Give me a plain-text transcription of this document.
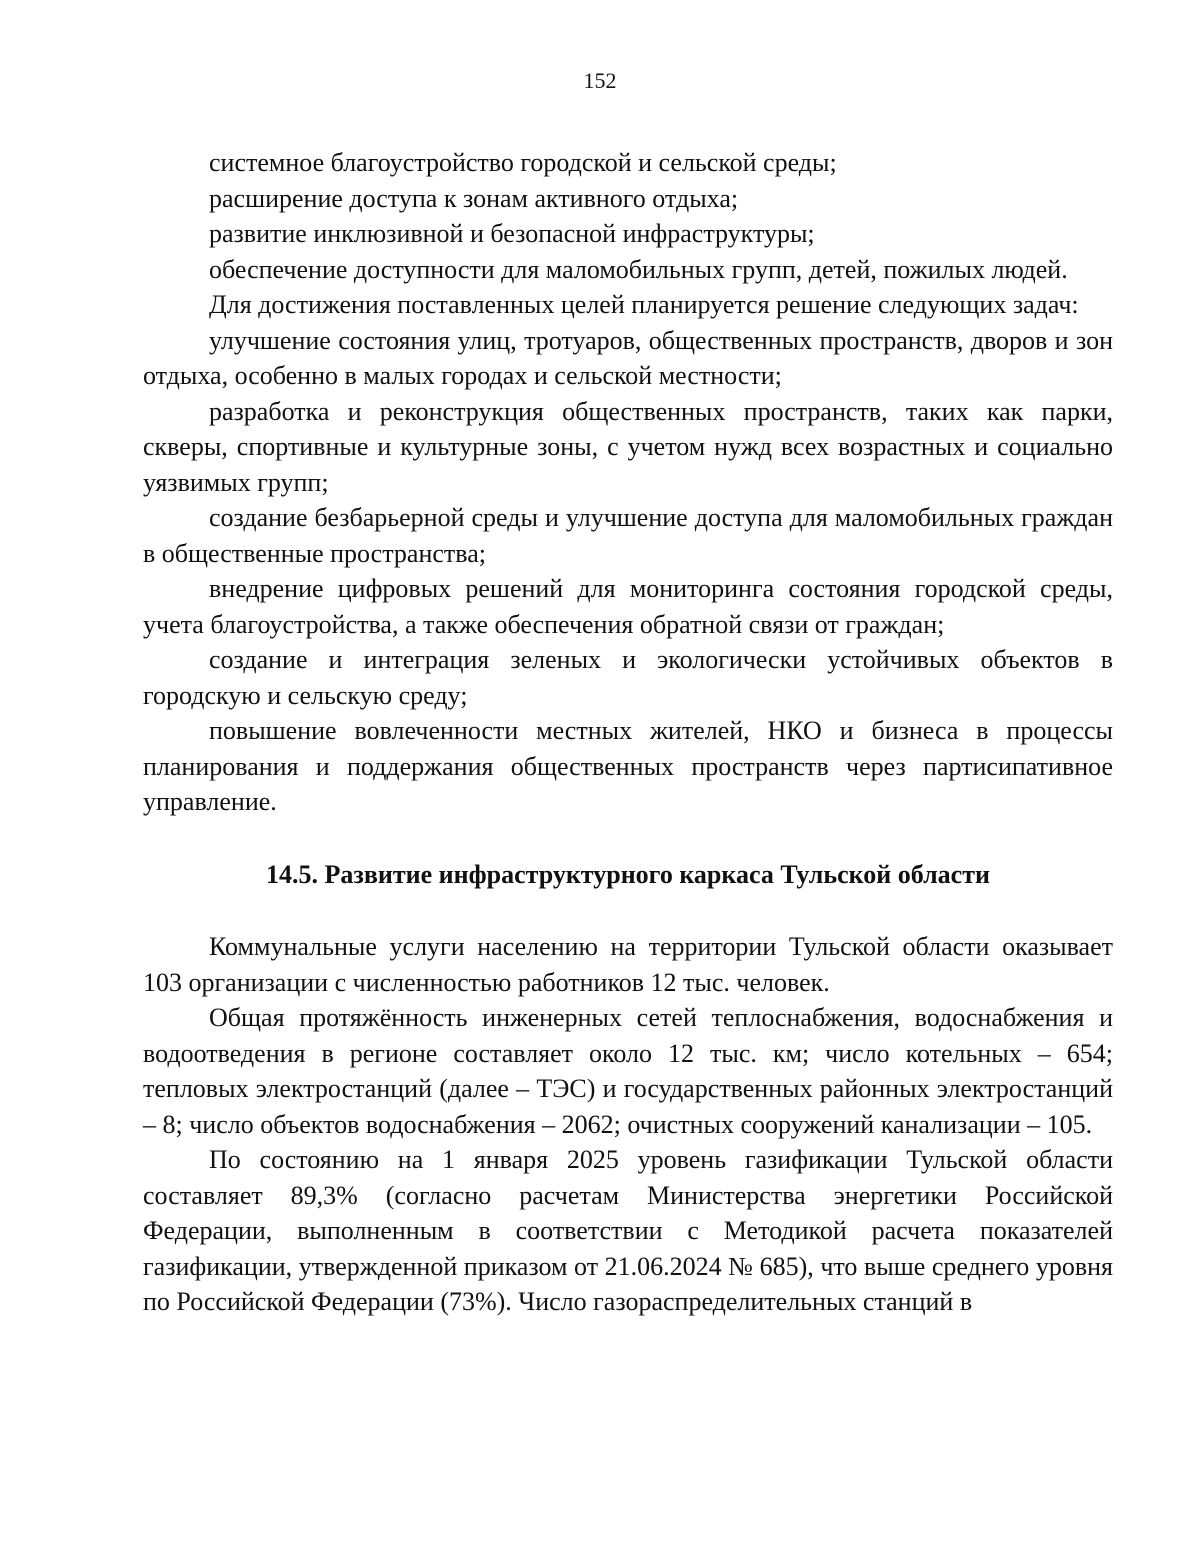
152

системное благоустройство городской и сельской среды;

расширение доступа к зонам активного отдыха;

развитие инклюзивной и безопасной инфраструктуры;

обеспечение доступности для маломобильных групп, детей, пожилых людей.

Для достижения поставленных целей планируется решение следующих задач:

улучшение состояния улиц, тротуаров, общественных пространств, дворов и зон отдыха, особенно в малых городах и сельской местности;

разработка и реконструкция общественных пространств, таких как парки, скверы, спортивные и культурные зоны, с учетом нужд всех возрастных и социально уязвимых групп;

создание безбарьерной среды и улучшение доступа для маломобильных граждан в общественные пространства;

внедрение цифровых решений для мониторинга состояния городской среды, учета благоустройства, а также обеспечения обратной связи от граждан;

создание и интеграция зеленых и экологически устойчивых объектов в городскую и сельскую среду;

повышение вовлеченности местных жителей, НКО и бизнеса в процессы планирования и поддержания общественных пространств через партисипативное управление.

14.5. Развитие инфраструктурного каркаса Тульской области

Коммунальные услуги населению на территории Тульской области оказывает 103 организации с численностью работников 12 тыс. человек.

Общая протяжённость инженерных сетей теплоснабжения, водоснабжения и водоотведения в регионе составляет около 12 тыс. км; число котельных – 654; тепловых электростанций (далее – ТЭС) и государственных районных электростанций – 8; число объектов водоснабжения – 2062; очистных сооружений канализации – 105.

По состоянию на 1 января 2025 уровень газификации Тульской области составляет 89,3% (согласно расчетам Министерства энергетики Российской Федерации, выполненным в соответствии с Методикой расчета показателей газификации, утвержденной приказом от 21.06.2024 № 685), что выше среднего уровня по Российской Федерации (73%). Число газораспределительных станций в
